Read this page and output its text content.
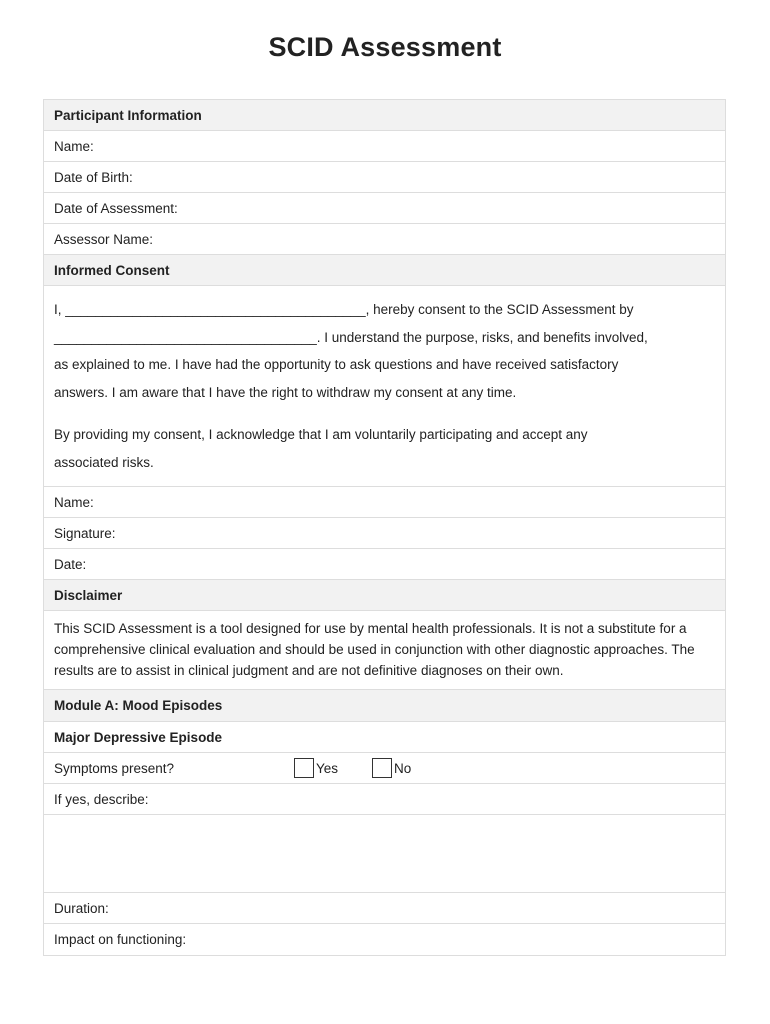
SCID Assessment
Participant Information
Name:
Date of Birth:
Date of Assessment:
Assessor Name:
Informed Consent

I, ________________________________________, hereby consent to the SCID Assessment by
___________________________________. I understand the purpose, risks, and benefits involved,
as explained to me. I have had the opportunity to ask questions and have received satisfactory
answers. I am aware that I have the right to withdraw my consent at any time.

By providing my consent, I acknowledge that I am voluntarily participating and accept any
associated risks.

Name:
Signature:
Date:
Disclaimer
This SCID Assessment is a tool designed for use by mental health professionals. It is not a substitute for a comprehensive clinical evaluation and should be used in conjunction with other diagnostic approaches. The results are to assist in clinical judgment and are not definitive diagnoses on their own.
Module A: Mood Episodes
Major Depressive Episode
Symptoms present?	Yes	No
If yes, describe:
Duration:
Impact on functioning:
